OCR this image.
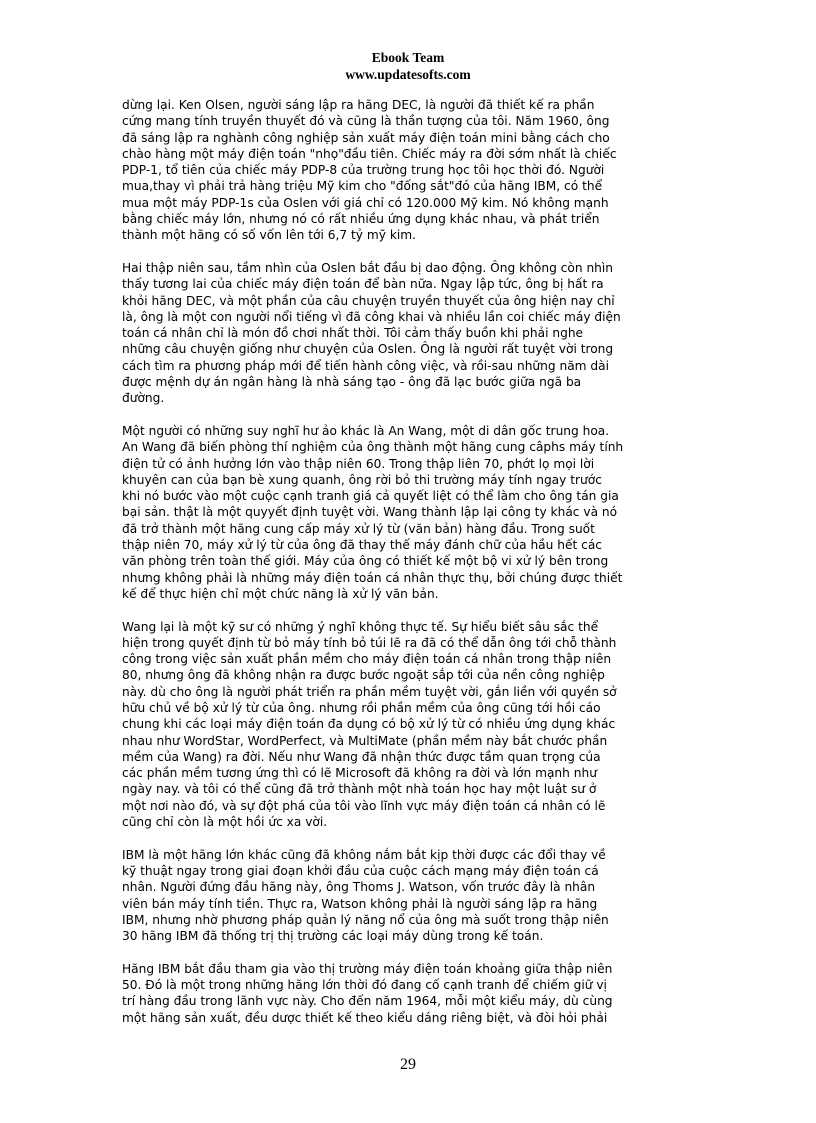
Ebook Team
www.updatesofts.com

dừng lại. Ken Olsen, người sáng lập ra hãng DEC, là người đã thiết kế ra phần
cứng mang tính truyền thuyết đó và cũng là thần tượng của tôi. Năm 1960, ông
đã sáng lập ra nghành công nghiệp sản xuất máy điện toán mini bằng cách cho
chào hàng một máy điện toán "nhọ"đầu tiên. Chiếc máy ra đời sớm nhất là chiếc
PDP-1, tổ tiên của chiếc máy PDP-8 của trường trung học tôi học thời đó. Người
mua,thay vì phải trả hàng triệu Mỹ kim cho "đống sắt"đó của hãng IBM, có thể
mua một máy PDP-1s của Oslen với giá chỉ có 120.000 Mỹ kim. Nó không mạnh
bằng chiếc máy lớn, nhưng nó có rất nhiều ứng dụng khác nhau, và phát triển
thành một hãng có số vốn lên tới 6,7 tỷ mỹ kim.

Hai thập niên sau, tầm nhìn của Oslen bắt đầu bị dao động. Ông không còn nhìn
thấy tương lai của chiếc máy điện toán để bàn nữa. Ngay lập tức, ông bị hất ra
khỏi hãng DEC, và một phần của câu chuyện truyền thuyết của ông hiện nay chỉ
là, ông là một con người nổi tiếng vì đã công khai và nhiều lần coi chiếc máy điện
toán cá nhân chỉ là món đồ chơi nhất thời. Tôi cảm thấy buồn khi phải nghe
những câu chuyện giống như chuyện của Oslen. Ông là người rất tuyệt vời trong
cách tìm ra phương pháp mới để tiến hành công việc, và rồi-sau những năm dài
được mệnh dự án ngân hàng là nhà sáng tạo - ông đã lạc bước giữa ngã ba
đường.

Một người có những suy nghĩ hư ảo khác là An Wang, một di dân gốc trung hoa.
An Wang đã biến phòng thí nghiệm của ông thành một hãng cung câphs máy tính
điện tử có ảnh hưởng lớn vào thập niên 60. Trong thập liên 70, phớt lọ mọi lời
khuyên can của bạn bè xung quanh, ông rời bỏ thi trường máy tính ngay trước
khi nó bước vào một cuộc cạnh tranh giá cả quyết liệt có thể làm cho ông tán gia
bại sản. thật là một quyyết định tuyệt vời. Wang thành lập lại công ty khác và nó
đã trở thành một hãng cung cấp máy xử lý từ (văn bản) hàng đầu. Trong suốt
thập niên 70, máy xử lý từ của ông đã thay thế máy đánh chữ của hầu hết các
văn phòng trên toàn thế giới. Máy của ông có thiết kế một bộ vi xử lý bên trong
nhưng không phải là những máy điện toán cá nhân thực thụ, bởi chúng được thiết
kế để thực hiện chỉ một chức năng là xử lý văn bản.

Wang lại là một kỹ sư có những ý nghĩ không thực tế. Sự hiểu biết sâu sắc thể
hiện trong quyết định từ bỏ máy tính bỏ túi lẽ ra đã có thể dẫn ông tới chỗ thành
công trong việc sản xuất phần mềm cho máy điện toán cá nhân trong thập niên
80, nhưng ông đã không nhận ra được bước ngoặt sắp tới của nền công nghiệp
này. dù cho ông là người phát triển ra phần mềm tuyệt vời, gắn liền với quyền sở
hữu chủ về bộ xử lý từ của ông. nhưng rồi phần mềm của ông cũng tới hồi cáo
chung khi các loại máy điện toán đa dụng có bộ xử lý từ có nhiều ứng dụng khác
nhau như WordStar, WordPerfect, và MultiMate (phần mềm này bắt chước phần
mềm của Wang) ra đời. Nếu như Wang đã nhận thức được tầm quan trọng của
các phần mềm tương ứng thì có lẽ Microsoft đã không ra đời và lớn mạnh như
ngày nay. và tôi có thể cũng đã trở thành một nhà toán học hay một luật sư ở
một nơi nào đó, và sự đột phá của tôi vào lĩnh vực máy điện toán cá nhân có lẽ
cũng chỉ còn là một hồi ức xa vời.

IBM là một hãng lớn khác cũng đã không nắm bắt kịp thời được các đổi thay về
kỹ thuật ngay trong giai đoạn khởi đầu của cuộc cách mạng máy điện toán cá
nhân. Người đứng đầu hãng này, ông Thoms J. Watson, vốn trước đây là nhân
viên bán máy tính tiền. Thực ra, Watson không phải là người sáng lập ra hãng
IBM, nhưng nhờ phương pháp quản lý năng nổ của ông mà suốt trong thập niên
30 hãng IBM đã thống trị thị trường các loại máy dùng trong kế toán.

Hãng IBM bắt đầu tham gia vào thị trường máy điện toán khoảng giữa thập niên
50. Đó là một trong những hãng lớn thời đó đang cố cạnh tranh để chiếm giữ vị
trí hàng đầu trong lãnh vực này. Cho đến năm 1964, mỗi một kiểu máy, dù cùng
một hãng sản xuất, đều dược thiết kế theo kiểu dáng riêng biệt, và đòi hỏi phải

29
